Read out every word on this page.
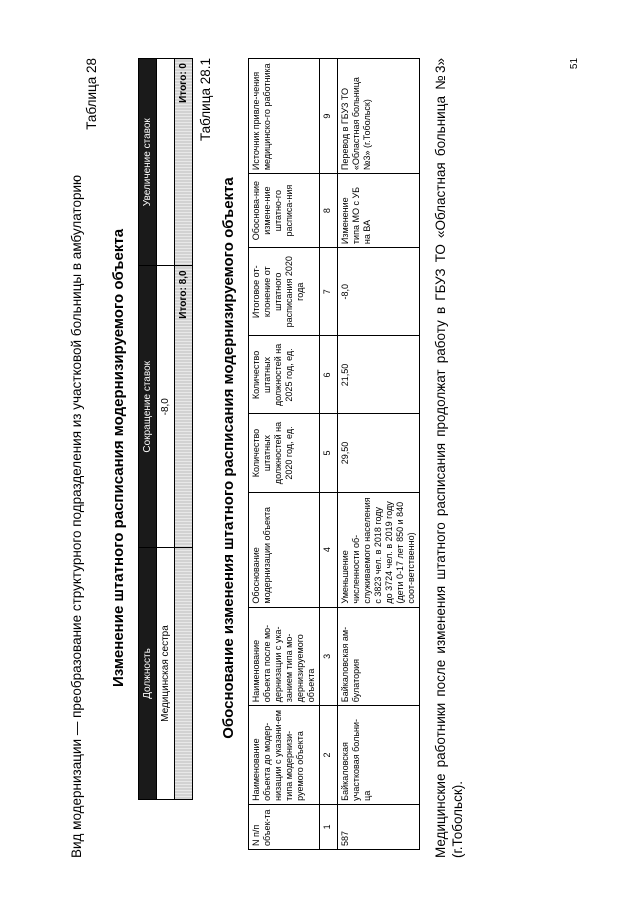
51
Вид модернизации — преобразование структурного подразделения из участковой больницы в амбулаторию
Таблица 28
Изменение штатного расписания модернизируемого объекта Должность	Сокращение ставок	Увеличение ставок
Медицинская сестра	-8,0	
	Итого: 8,0	Итого: 0 Таблица 28.1
Обоснование изменения штатного расписания модернизируемого объекта
N п/п объек-та	Наименование объекта до модер-низации с указани-ем типа модернизи-руемого объекта	Наименование объекта после мо-дернизации с ука-занием типа мо-дернизируемого объекта	Обоснование модернизации объекта	Количество штатных должностей на 2020 год, ед.	Количество штатных должностей на 2025 год, ед.	Итоговое от-клонение от штатного расписания 2020 года	Обоснова-ние измене-ние штатно-го расписа-ния	Источник привле-чения медицинско-го работника
1	2	3	4	5	6	7	8	9
587	Байкаловская участковая больни-ца	Байкаловская ам-булатория	Уменьшение численности об-служиваемого населения с 3823 чел. в 2018 году до 3724 чел. в 2019 году (дети 0-17 лет 850 и 840 соот-ветственно)	29,50	21,50	-8,0	Изменение типа МО с УБ на ВА	Перевод в ГБУЗ ТО «Областная больница №3» (г.Тобольск)	Медицинские работники после изменения штатного расписания продолжат работу в ГБУЗ ТО «Областная больница №3» (г.Тобольск).
